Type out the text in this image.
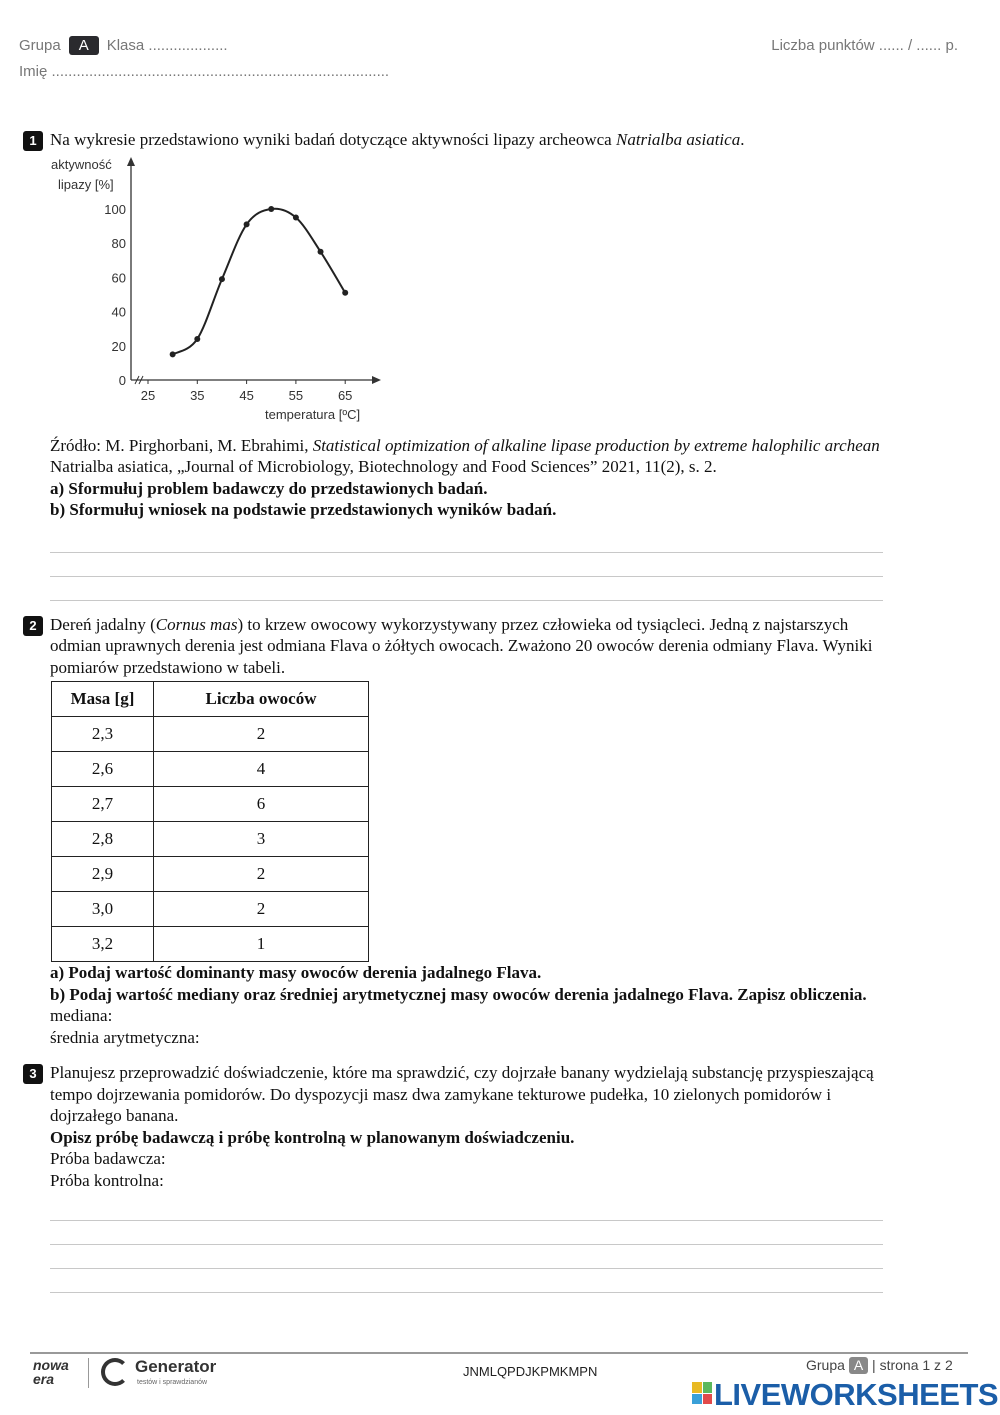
Grupa A Klasa ...................	Liczba punktów ...... / ...... p.
Imię .................................................................................
1 Na wykresie przedstawiono wyniki badań dotyczące aktywności lipazy archeowca Natrialba asiatica.
aktywność
lipazy [%]
temperatura [ºC]
25	35	45	55	65
0
20
40
60
80
100
Źródło: M. Pirghorbani, M. Ebrahimi, Statistical optimization of alkaline lipase production by extreme halophilic archean Natrialba asiatica, „Journal of Microbiology, Biotechnology and Food Sciences” 2021, 11(2), s. 2.
a) Sformułuj problem badawczy do przedstawionych badań.
b) Sformułuj wniosek na podstawie przedstawionych wyników badań.
2 Dereń jadalny (Cornus mas) to krzew owocowy wykorzystywany przez człowieka od tysiącleci. Jedną z najstarszych odmian uprawnych derenia jest odmiana Flava o żółtych owocach. Zważono 20 owoców derenia odmiany Flava. Wyniki pomiarów przedstawiono w tabeli.
Masa [g]	Liczba owoców
2,3	2
2,6	4
2,7	6
2,8	3
2,9	2
3,0	2
3,2	1
a) Podaj wartość dominanty masy owoców derenia jadalnego Flava.
b) Podaj wartość mediany oraz średniej arytmetycznej masy owoców derenia jadalnego Flava. Zapisz obliczenia.
mediana:
średnia arytmetyczna:
3 Planujesz przeprowadzić doświadczenie, które ma sprawdzić, czy dojrzałe banany wydzielają substancję przyspieszającą tempo dojrzewania pomidorów. Do dyspozycji masz dwa zamykane tekturowe pudełka, 10 zielonych pomidorów i dojrzałego banana.
Opisz próbę badawczą i próbę kontrolną w planowanym doświadczeniu.
Próba badawcza:
Próba kontrolna:
nowa era
Generator
testów i sprawdzianów
JNMLQPDJKPMKMPN	Grupa A | strona 1 z 2
LIVEWORKSHEETS
